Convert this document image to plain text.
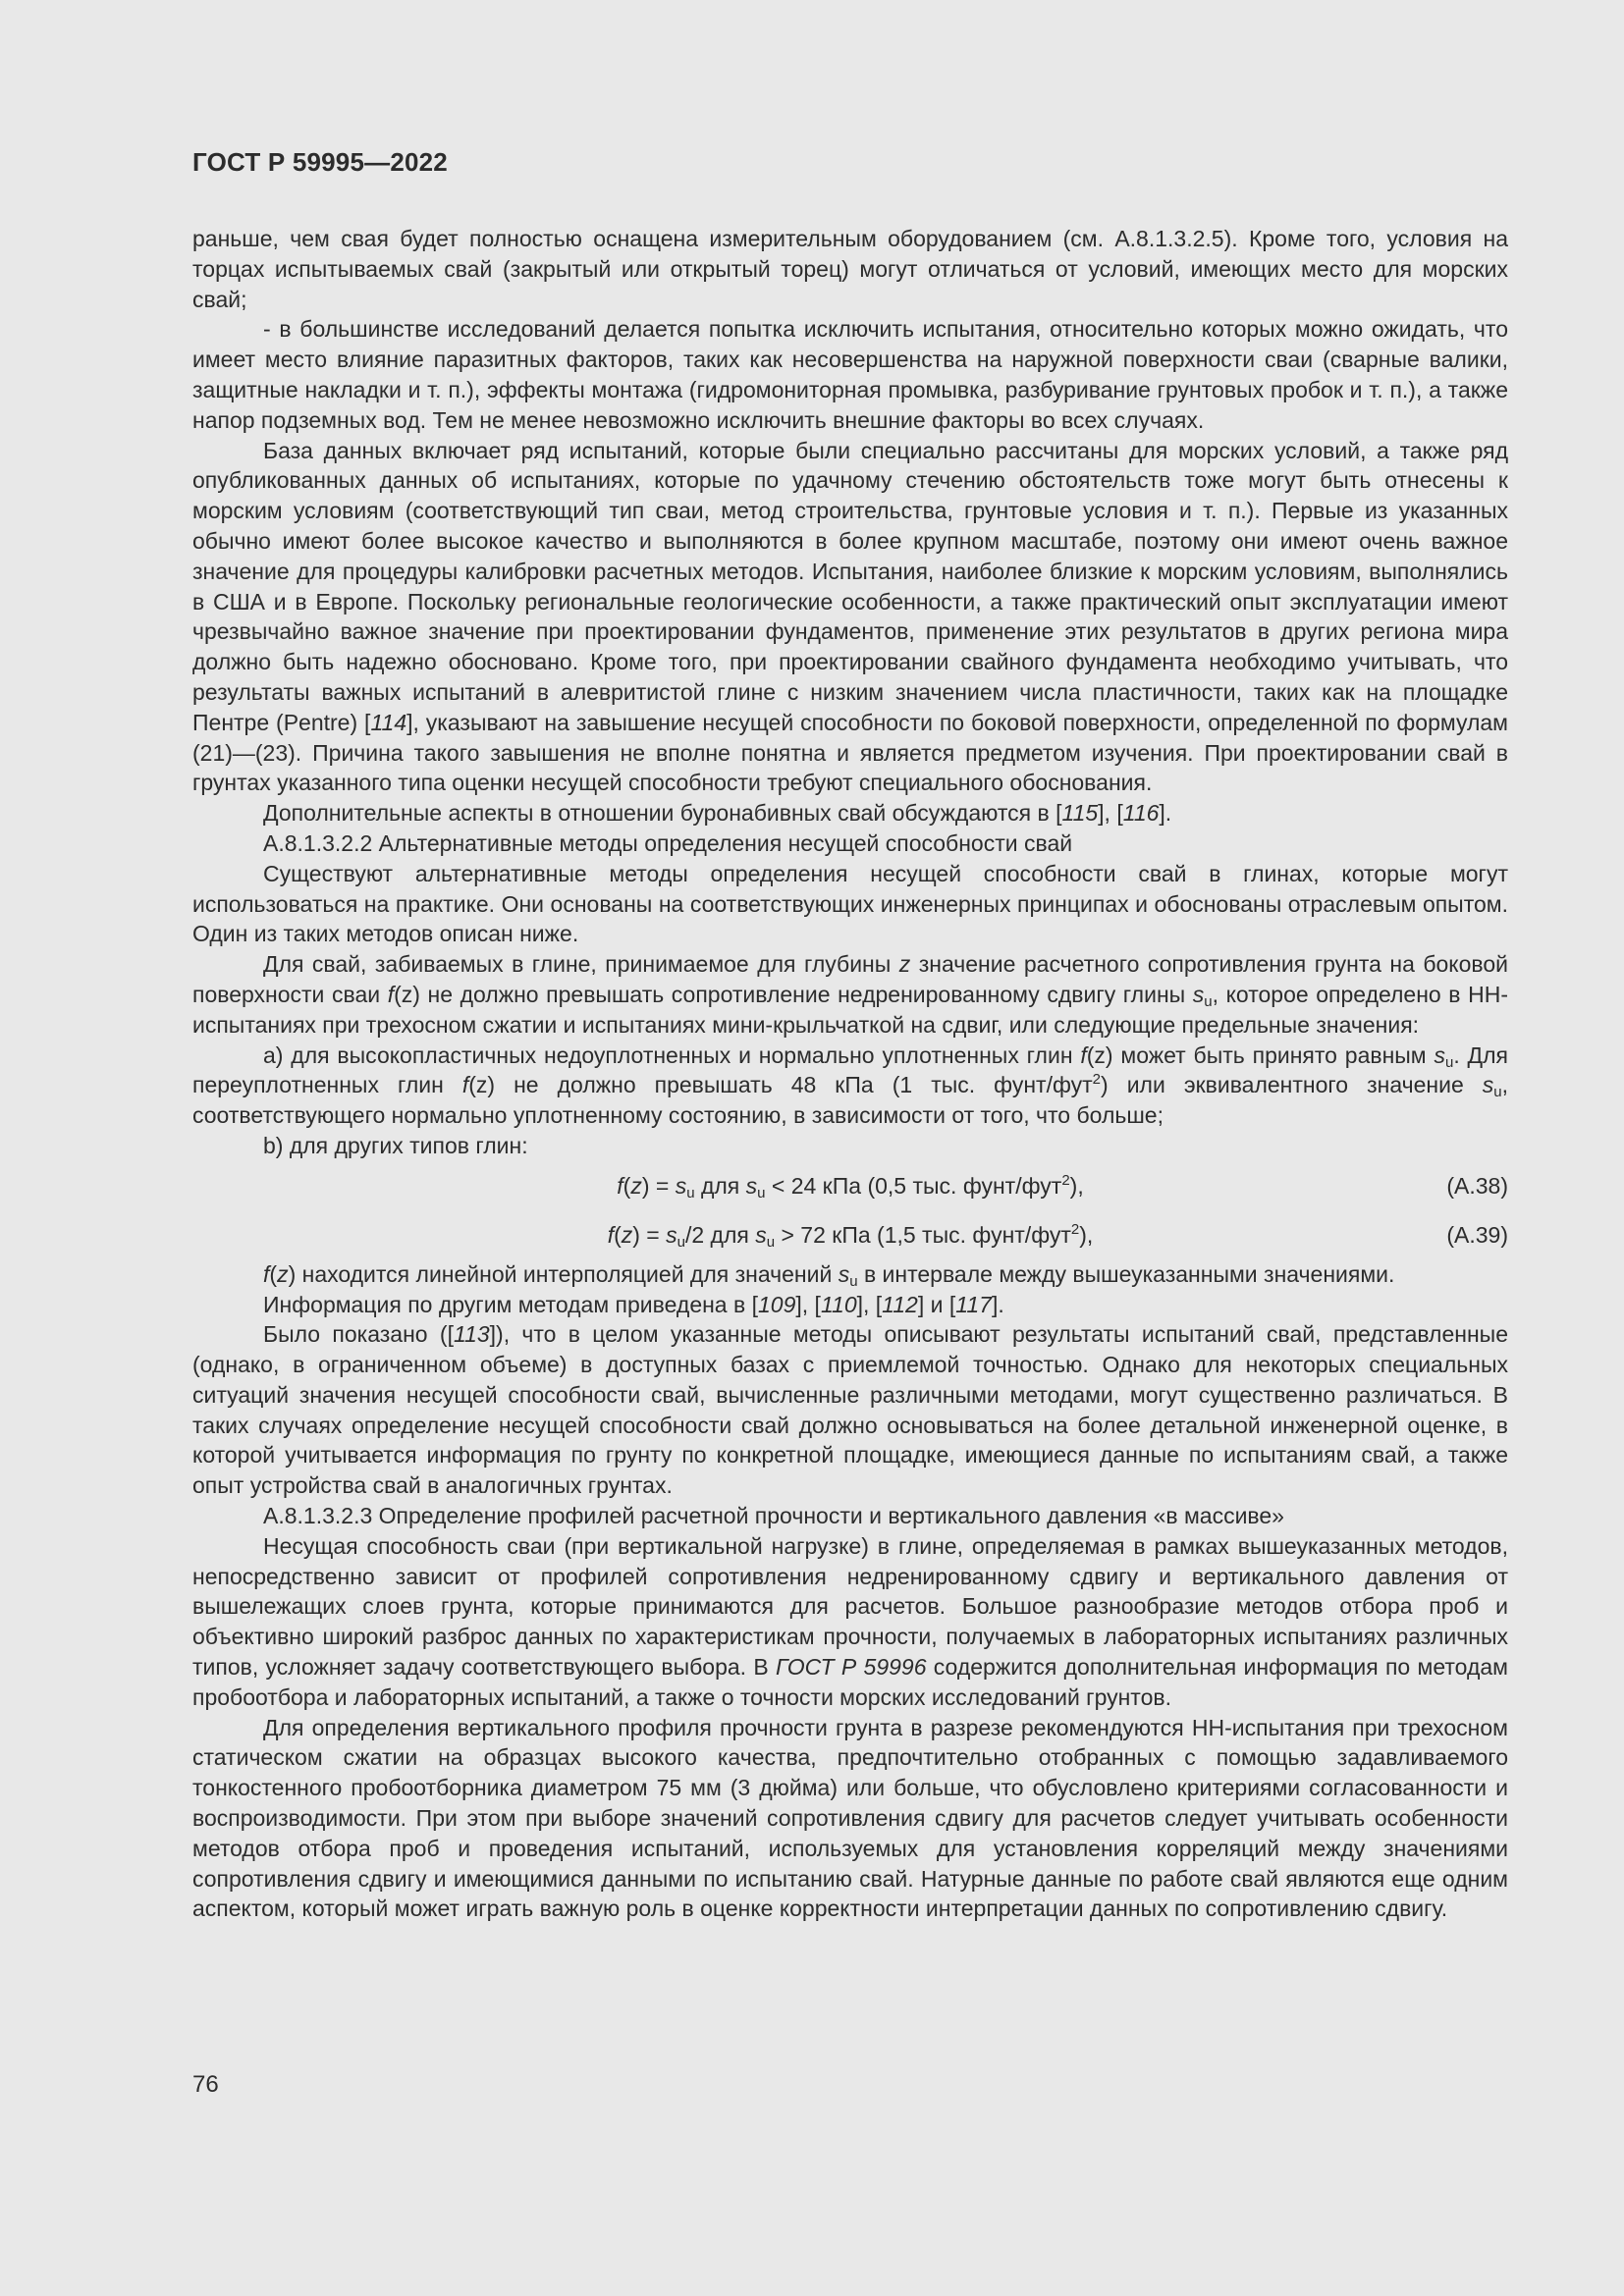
ГОСТ Р 59995—2022

раньше, чем свая будет полностью оснащена измерительным оборудованием (см. А.8.1.3.2.5). Кроме того, условия на торцах испытываемых свай (закрытый или открытый торец) могут отличаться от условий, имеющих место для морских свай;

- в большинстве исследований делается попытка исключить испытания, относительно которых можно ожидать, что имеет место влияние паразитных факторов, таких как несовершенства на наружной поверхности сваи (сварные валики, защитные накладки и т. п.), эффекты монтажа (гидромониторная промывка, разбуривание грунтовых пробок и т. п.), а также напор подземных вод. Тем не менее невозможно исключить внешние факторы во всех случаях.

База данных включает ряд испытаний, которые были специально рассчитаны для морских условий, а также ряд опубликованных данных об испытаниях, которые по удачному стечению обстоятельств тоже могут быть отнесены к морским условиям (соответствующий тип сваи, метод строительства, грунтовые условия и т. п.). Первые из указанных обычно имеют более высокое качество и выполняются в более крупном масштабе, поэтому они имеют очень важное значение для процедуры калибровки расчетных методов. Испытания, наиболее близкие к морским условиям, выполнялись в США и в Европе. Поскольку региональные геологические особенности, а также практический опыт эксплуатации имеют чрезвычайно важное значение при проектировании фундаментов, применение этих результатов в других региона мира должно быть надежно обосновано. Кроме того, при проектировании свайного фундамента необходимо учитывать, что результаты важных испытаний в алевритистой глине с низким значением числа пластичности, таких как на площадке Пентре (Pentre) [114], указывают на завышение несущей способности по боковой поверхности, определенной по формулам (21)—(23). Причина такого завышения не вполне понятна и является предметом изучения. При проектировании свай в грунтах указанного типа оценки несущей способности требуют специального обоснования.

Дополнительные аспекты в отношении буронабивных свай обсуждаются в [115], [116].

А.8.1.3.2.2 Альтернативные методы определения несущей способности свай

Существуют альтернативные методы определения несущей способности свай в глинах, которые могут использоваться на практике. Они основаны на соответствующих инженерных принципах и обоснованы отраслевым опытом. Один из таких методов описан ниже.

Для свай, забиваемых в глине, принимаемое для глубины z значение расчетного сопротивления грунта на боковой поверхности сваи f(z) не должно превышать сопротивление недренированному сдвигу глины $s_u$, которое определено в НН-испытаниях при трехосном сжатии и испытаниях мини-крыльчаткой на сдвиг, или следующие предельные значения:

а) для высокопластичных недоуплотненных и нормально уплотненных глин f(z) может быть принято равным $s_u$. Для переуплотненных глин f(z) не должно превышать 48 кПа (1 тыс. фунт/фут$^2$) или эквивалентного значение $s_u$, соответствующего нормально уплотненному состоянию, в зависимости от того, что больше;

b) для других типов глин:

$f(z) = s_u$ для $s_u < 24$ кПа (0,5 тыс. фунт/фут$^2$),	(А.38)
$f(z) = s_u/2$ для $s_u > 72$ кПа (1,5 тыс. фунт/фут$^2$),	(А.39)

f(z) находится линейной интерполяцией для значений $s_u$ в интервале между вышеуказанными значениями.

Информация по другим методам приведена в [109], [110], [112] и [117].

Было показано ([113]), что в целом указанные методы описывают результаты испытаний свай, представленные (однако, в ограниченном объеме) в доступных базах с приемлемой точностью. Однако для некоторых специальных ситуаций значения несущей способности свай, вычисленные различными методами, могут существенно различаться. В таких случаях определение несущей способности свай должно основываться на более детальной инженерной оценке, в которой учитывается информация по грунту по конкретной площадке, имеющиеся данные по испытаниям свай, а также опыт устройства свай в аналогичных грунтах.

А.8.1.3.2.3 Определение профилей расчетной прочности и вертикального давления «в массиве»

Несущая способность сваи (при вертикальной нагрузке) в глине, определяемая в рамках вышеуказанных методов, непосредственно зависит от профилей сопротивления недренированному сдвигу и вертикального давления от вышележащих слоев грунта, которые принимаются для расчетов. Большое разнообразие методов отбора проб и объективно широкий разброс данных по характеристикам прочности, получаемых в лабораторных испытаниях различных типов, усложняет задачу соответствующего выбора. В ГОСТ Р 59996 содержится дополнительная информация по методам пробоотбора и лабораторных испытаний, а также о точности морских исследований грунтов.

Для определения вертикального профиля прочности грунта в разрезе рекомендуются НН-испытания при трехосном статическом сжатии на образцах высокого качества, предпочтительно отобранных с помощью задавливаемого тонкостенного пробоотборника диаметром 75 мм (3 дюйма) или больше, что обусловлено критериями согласованности и воспроизводимости. При этом при выборе значений сопротивления сдвигу для расчетов следует учитывать особенности методов отбора проб и проведения испытаний, используемых для установления корреляций между значениями сопротивления сдвигу и имеющимися данными по испытанию свай. Натурные данные по работе свай являются еще одним аспектом, который может играть важную роль в оценке корректности интерпретации данных по сопротивлению сдвигу.

76
